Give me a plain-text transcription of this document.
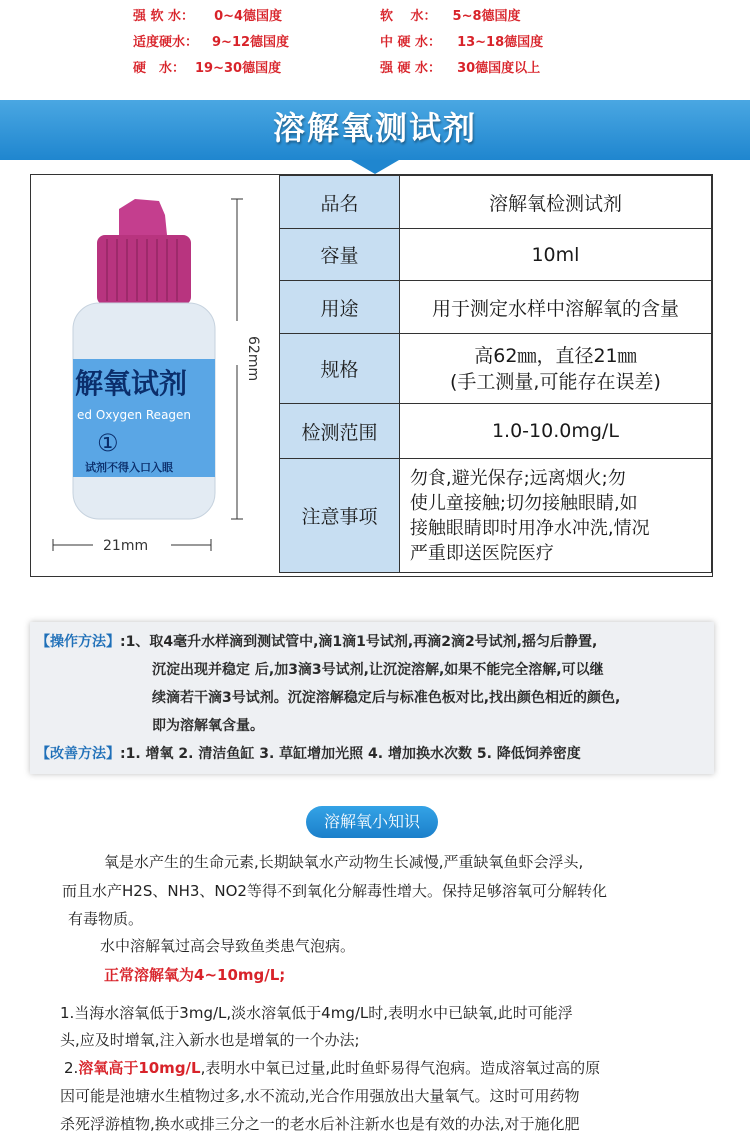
强 软 水： 0~4德国度	软　 水： 5~8德国度
适度硬水： 9~12德国度	中 硬 水： 13~18德国度
硬　水： 19~30德国度	强 硬 水： 30德国度以上
溶解氧测试剂
解氧试剂
ed Oxygen Reagen
①
试剂不得入口入眼
62mm
21mm
品名	溶解氧检测试剂
容量	10ml
用途	用于测定水样中溶解氧的含量
规格	高62㎜，直径21㎜
(手工测量,可能存在误差)

检测范围	1.0-10.0mg/L
注意事项	勿食,避光保存;远离烟火;勿
使儿童接触;切勿接触眼睛,如
接触眼睛即时用净水冲洗,情况
严重即送医院医疗
【操作方法】:1、取4毫升水样滴到测试管中,滴1滴1号试剂,再滴2滴2号试剂,摇匀后静置,
沉淀出现并稳定 后,加3滴3号试剂,让沉淀溶解,如果不能完全溶解,可以继
续滴若干滴3号试剂。沉淀溶解稳定后与标准色板对比,找出颜色相近的颜色,
即为溶解氧含量。
【改善方法】:1. 增氧 2. 清洁鱼缸 3. 草缸增加光照 4. 增加换水次数 5. 降低饲养密度
溶解氧小知识
氧是水产生的生命元素,长期缺氧水产动物生长减慢,严重缺氧鱼虾会浮头,
而且水产H2S、NH3、NO2等得不到氧化分解毒性增大。保持足够溶氧可分解转化
有毒物质。
水中溶解氧过高会导致鱼类患气泡病。
正常溶解氧为4~10mg/L;
1.当海水溶氧低于3mg/L,淡水溶氧低于4mg/L时,表明水中已缺氧,此时可能浮
头,应及时增氧,注入新水也是增氧的一个办法;
2.溶氧高于10mg/L,表明水中氧已过量,此时鱼虾易得气泡病。造成溶氧过高的原
因可能是池塘水生植物过多,水不流动,光合作用强放出大量氧气。这时可用药物
杀死浮游植物,换水或排三分之一的老水后补注新水也是有效的办法,对于施化肥
